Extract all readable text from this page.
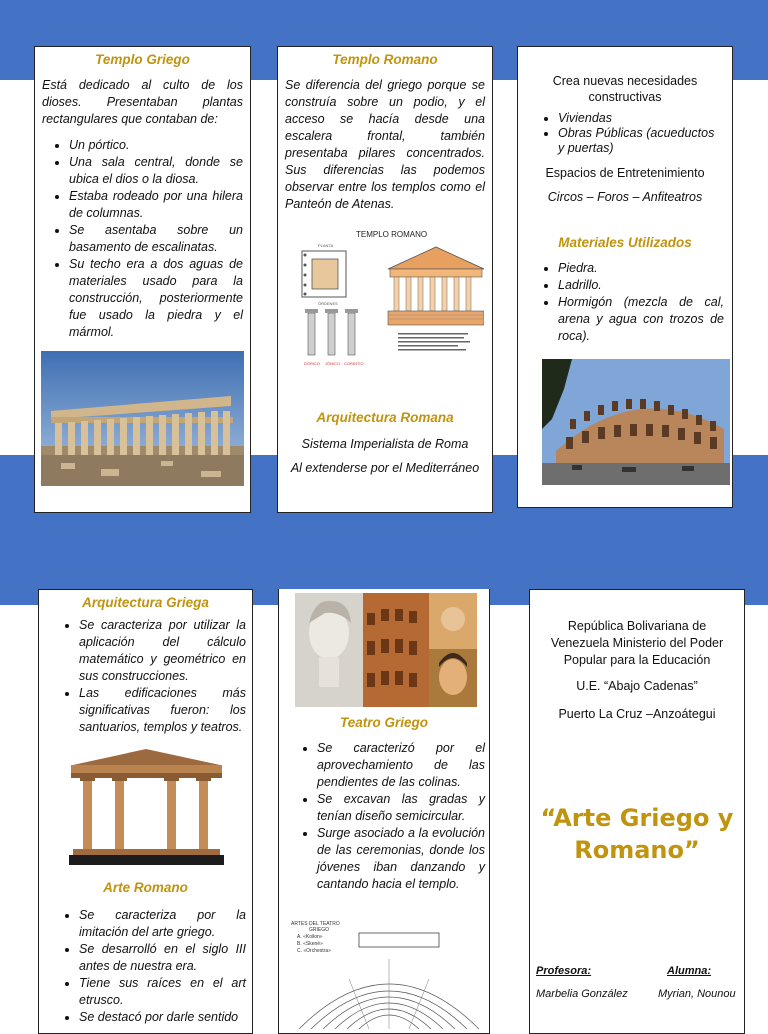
Templo Griego
Está dedicado al culto de los dioses. Presentaban plantas rectangulares que contaban de:
• Un pórtico.
• Una sala central, donde se ubica el dios o la diosa.
• Estaba rodeado por una hilera de columnas.
• Se asentaba sobre un basamento de escalinatas.
• Su techo era a dos aguas de materiales usado para la construcción, posteriormente fue usado la piedra y el mármol.
Templo Romano
Se diferencia del griego porque se construía sobre un podio, y el acceso se hacía desde una escalera frontal, también presentaba pilares concentrados. Sus diferencias las podemos observar entre los templos como el Panteón de Atenas.
TEMPLO ROMANO
PLANTA
ÓRDENES
DÓRICO JÓNICO CORINTIO
Arquitectura Romana
Sistema Imperialista de Roma
Al extenderse por el Mediterráneo
Crea nuevas necesidades constructivas
• Viviendas
• Obras Públicas (acueductos y puertas)
Espacios de Entretenimiento
Circos – Foros – Anfiteatros
Materiales Utilizados
• Piedra.
• Ladrillo.
• Hormigón (mezcla de cal, arena y agua con trozos de roca).
Arquitectura Griega
• Se caracteriza por utilizar la aplicación del cálculo matemático y geométrico en sus construcciones.
• Las edificaciones más significativas fueron: los santuarios, templos y teatros.
Arte Romano
• Se caracteriza por la imitación del arte griego.
• Se desarrolló en el siglo III antes de nuestra era.
• Tiene sus raíces en el art etrusco.
• Se destacó por darle sentido
Teatro Griego
• Se caracterizó por el aprovechamiento de las pendientes de las colinas.
• Se excavan las gradas y tenían diseño semicircular.
• Surge asociado a la evolución de las ceremonias, donde los jóvenes iban danzando y cantando hacia el templo.
ARTES DEL TEATRO
GRIEGO
A. «Koilon»
B. «Skené»
C. «Orchestra»
República Bolivariana de Venezuela Ministerio del Poder Popular para la Educación
U.E. “Abajo Cadenas”
Puerto La Cruz –Anzoátegui
“Arte Griego y Romano”
Profesora:	Alumna:
Marbelia González	Myrian, Nounou
